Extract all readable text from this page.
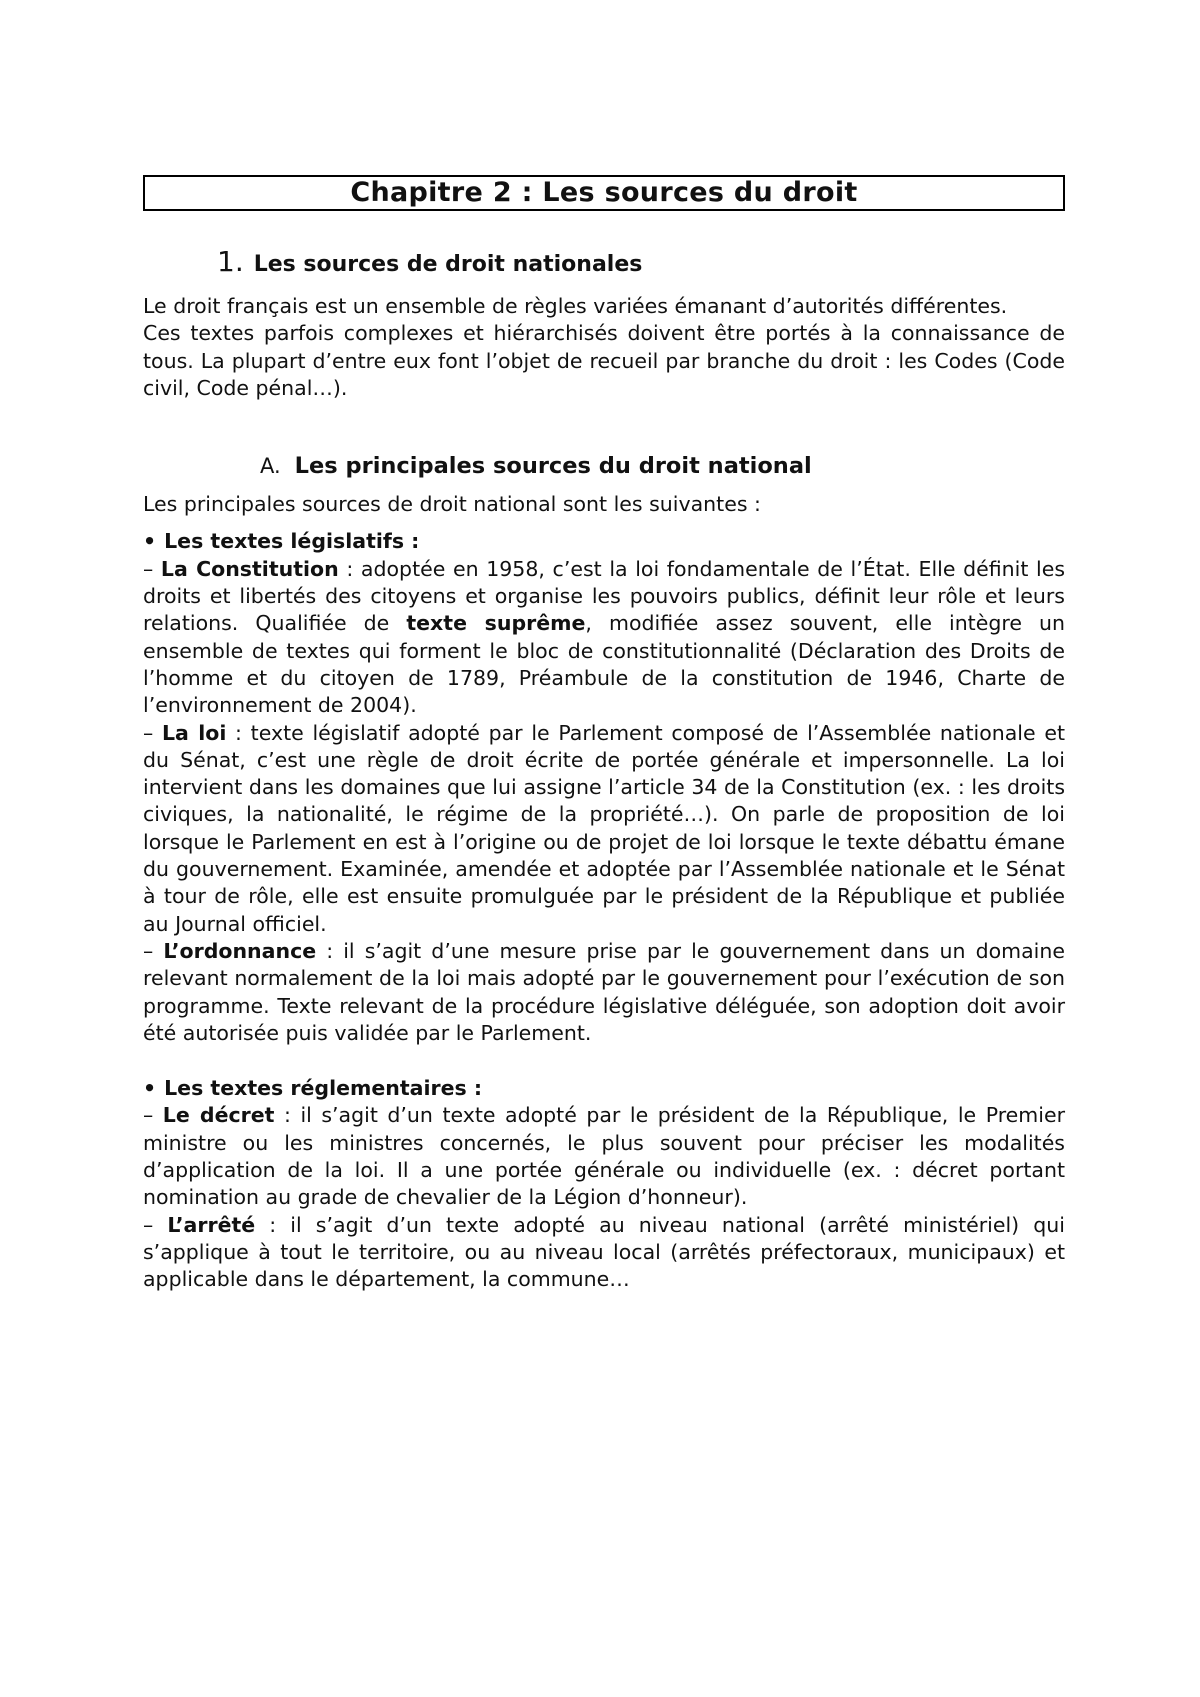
Chapitre 2 : Les sources du droit
1. Les sources de droit nationales

Le droit français est un ensemble de règles variées émanant d’autorités différentes.

Ces textes parfois complexes et hiérarchisés doivent être portés à la connaissance de tous. La plupart d’entre eux font l’objet de recueil par branche du droit : les Codes (Code civil, Code pénal…).

A. Les principales sources du droit national

Les principales sources de droit national sont les suivantes :

• Les textes législatifs :

– La Constitution : adoptée en 1958, c’est la loi fondamentale de l’État. Elle définit les droits et libertés des citoyens et organise les pouvoirs publics, définit leur rôle et leurs relations. Qualifiée de texte suprême, modifiée assez souvent, elle intègre un ensemble de textes qui forment le bloc de constitutionnalité (Déclaration des Droits de l’homme et du citoyen de 1789, Préambule de la constitution de 1946, Charte de l’environnement de 2004).

– La loi : texte législatif adopté par le Parlement composé de l’Assemblée nationale et du Sénat, c’est une règle de droit écrite de portée générale et impersonnelle. La loi intervient dans les domaines que lui assigne l’article 34 de la Constitution (ex. : les droits civiques, la nationalité, le régime de la propriété…). On parle de proposition de loi lorsque le Parlement en est à l’origine ou de projet de loi lorsque le texte débattu émane du gouvernement. Examinée, amendée et adoptée par l’Assemblée nationale et le Sénat à tour de rôle, elle est ensuite promulguée par le président de la République et publiée au Journal officiel.

– L’ordonnance : il s’agit d’une mesure prise par le gouvernement dans un domaine relevant normalement de la loi mais adopté par le gouvernement pour l’exécution de son programme. Texte relevant de la procédure législative déléguée, son adoption doit avoir été autorisée puis validée par le Parlement.

• Les textes réglementaires :

– Le décret : il s’agit d’un texte adopté par le président de la République, le Premier ministre ou les ministres concernés, le plus souvent pour préciser les modalités d’application de la loi. Il a une portée générale ou individuelle (ex. : décret portant nomination au grade de chevalier de la Légion d’honneur).

– L’arrêté : il s’agit d’un texte adopté au niveau national (arrêté ministériel) qui s’applique à tout le territoire, ou au niveau local (arrêtés préfectoraux, municipaux) et applicable dans le département, la commune…
